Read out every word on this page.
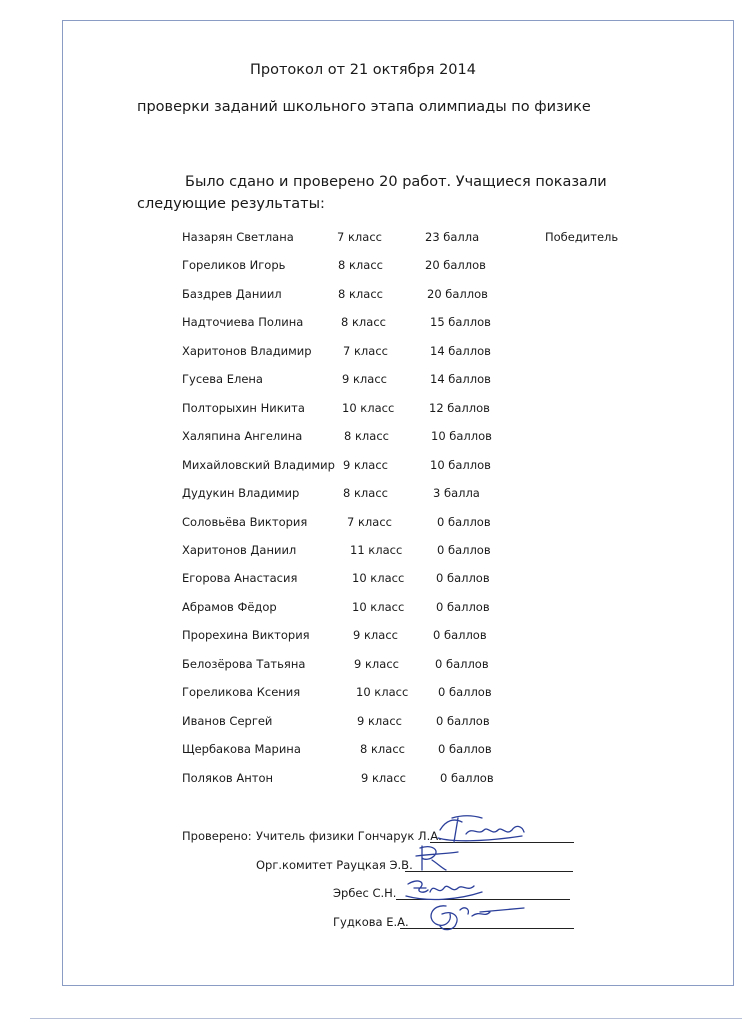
Протокол от 21 октября 2014
проверки заданий школьного этапа олимпиады по физике
Было сдано и проверено 20 работ. Учащиеся показали следующие результаты:
Назарян Светлана	7 класс	23 балла	Победитель
Гореликов Игорь	8 класс	20 баллов
Баздрев Даниил	8 класс	20 баллов
Надточиева Полина	8 класс	15 баллов
Харитонов Владимир	7 класс	14 баллов
Гусева Елена	9 класс	14 баллов
Полторыхин Никита	10 класс	12 баллов
Халяпина Ангелина	8 класс	10 баллов
Михайловский Владимир 9 класс	10 баллов
Дудукин Владимир	8 класс	3 балла
Соловьёва Виктория	7 класс	0 баллов
Харитонов Даниил	11 класс	0 баллов
Егорова Анастасия	10 класс	0 баллов
Абрамов Фёдор	10 класс	0 баллов
Прорехина Виктория	9 класс	0 баллов
Белозёрова Татьяна	9 класс	0 баллов
Гореликова Ксения	10 класс	0 баллов
Иванов Сергей	9 класс	0 баллов
Щербакова Марина	8 класс	0 баллов
Поляков Антон	9 класс	0 баллов
Проверено: Учитель физики Гончарук Л.А.
Орг.комитет Рауцкая Э.В.
Эрбес С.Н.
Гудкова Е.А.
